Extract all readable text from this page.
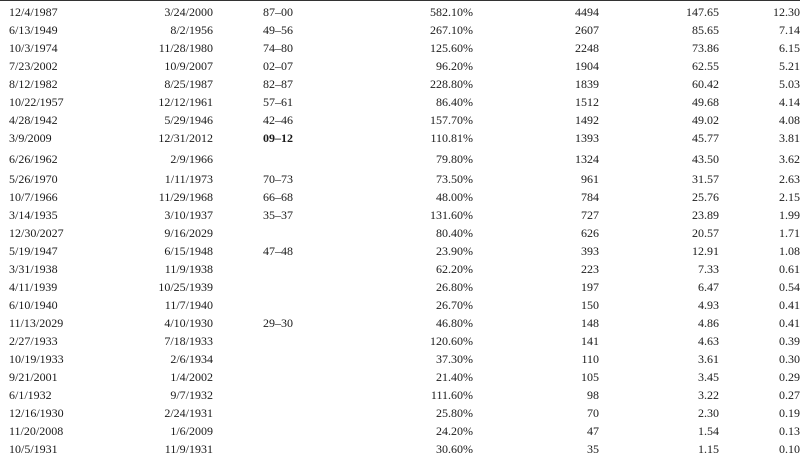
12/4/1987	3/24/2000	87–00	582.10%	4494	147.65	12.30
6/13/1949	8/2/1956	49–56	267.10%	2607	85.65	7.14
10/3/1974	11/28/1980	74–80	125.60%	2248	73.86	6.15
7/23/2002	10/9/2007	02–07	96.20%	1904	62.55	5.21
8/12/1982	8/25/1987	82–87	228.80%	1839	60.42	5.03
10/22/1957	12/12/1961	57–61	86.40%	1512	49.68	4.14
4/28/1942	5/29/1946	42–46	157.70%	1492	49.02	4.08
3/9/2009	12/31/2012	09–12	110.81%	1393	45.77	3.81
6/26/1962	2/9/1966		79.80%	1324	43.50	3.62
5/26/1970	1/11/1973	70–73	73.50%	961	31.57	2.63
10/7/1966	11/29/1968	66–68	48.00%	784	25.76	2.15
3/14/1935	3/10/1937	35–37	131.60%	727	23.89	1.99
12/30/2027	9/16/2029		80.40%	626	20.57	1.71
5/19/1947	6/15/1948	47–48	23.90%	393	12.91	1.08
3/31/1938	11/9/1938		62.20%	223	7.33	0.61
4/11/1939	10/25/1939		26.80%	197	6.47	0.54
6/10/1940	11/7/1940		26.70%	150	4.93	0.41
11/13/2029	4/10/1930	29–30	46.80%	148	4.86	0.41
2/27/1933	7/18/1933		120.60%	141	4.63	0.39
10/19/1933	2/6/1934		37.30%	110	3.61	0.30
9/21/2001	1/4/2002		21.40%	105	3.45	0.29
6/1/1932	9/7/1932		111.60%	98	3.22	0.27
12/16/1930	2/24/1931		25.80%	70	2.30	0.19
11/20/2008	1/6/2009		24.20%	47	1.54	0.13
10/5/1931	11/9/1931		30.60%	35	1.15	0.10
